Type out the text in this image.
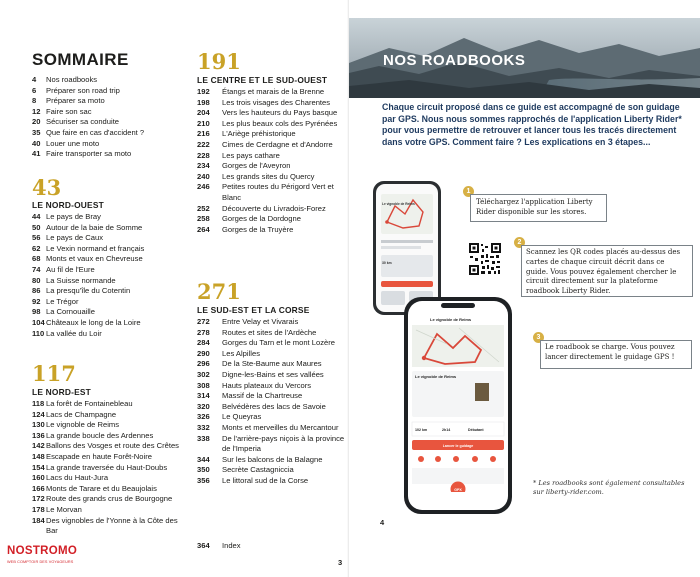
SOMMAIRE
4	Nos roadbooks
6	Préparer son road trip
8	Préparer sa moto
12 Faire son sac
20 Sécuriser sa conduite
35 Que faire en cas d'accident ?
40 Louer une moto
41 Faire transporter sa moto

43

LE NORD-OUEST

44 Le pays de Bray
50 Autour de la baie de Somme
56 Le pays de Caux
62 Le Vexin normand et français
68 Monts et vaux en Chevreuse
74 Au fil de l'Eure
80 La Suisse normande
86 La presqu'île du Cotentin
92 Le Trégor
98 La Cornouaille
104 Châteaux le long de la Loire
110 La vallée du Loir

117

LE NORD-EST

118 La forêt de Fontainebleau
124 Lacs de Champagne
130 Le vignoble de Reims
136 La grande boucle des Ardennes
142 Ballons des Vosges et route des Crêtes
148 Escapade en haute Forêt-Noire
154 La grande traversée du Haut-Doubs
160 Lacs du Haut-Jura
166 Monts de Tarare et du Beaujolais
172 Route des grands crus de Bourgogne
178 Le Morvan
184 Des vignobles de l'Yonne à la Côte des Bar

191

LE CENTRE ET LE SUD-OUEST

192	Étangs et marais de la Brenne
198	Les trois visages des Charentes
204	Vers les hauteurs du Pays basque
210	Les plus beaux cols des Pyrénées
216	L'Ariège préhistorique
222	Cimes de Cerdagne et d'Andorre
228	Les pays cathare
234	Gorges de l'Aveyron
240	Les grands sites du Quercy
246	Petites routes du Périgord Vert et Blanc
252	Découverte du Livradois-Forez
258	Gorges de la Dordogne
264	Gorges de la Truyère

271

LE SUD-EST ET LA CORSE

272	Entre Velay et Vivarais
278	Routes et sites de l'Ardèche
284	Gorges du Tarn et le mont Lozère
290	Les Alpilles
296	De la Ste-Baume aux Maures
302	Digne-les-Bains et ses vallées
308	Hauts plateaux du Vercors
314	Massif de la Chartreuse
320	Belvédères des lacs de Savoie
326	Le Queyras
332	Monts et merveilles du Mercantour
338	De l'arrière-pays niçois à la province de l'Imperia
344	Sur les balcons de la Balagne
350	Secrète Castagniccia
356	Le littoral sud de la Corse
364	Index

3

NOSTROMO
WEB COMPTOIR DES VOYAGEURS
NOS ROADBOOKS

Chaque circuit proposé dans ce guide est accompagné de son guidage par GPS. Nous nous sommes rapprochés de l'application Liberty Rider* pour vous permettre de retrouver et lancer tous les tracés directement dans votre GPS. Comment faire ? Les explications en 3 étapes...

Le vignoble de Reims
30 km
Le vignoble de Reims
Le vignoble de Reims
102 km	2h14	Débutant
Lancer le guidage
GPX
1

Téléchargez l'application Liberty Rider disponible sur les stores.

2

Scannez les QR codes placés au-dessus des cartes de chaque circuit décrit dans ce guide. Vous pouvez également chercher le circuit directement sur la plateforme roadbook Liberty Rider.

3

Le roadbook se charge. Vous pouvez lancer directement le guidage GPS !

* Les roadbooks sont également consultables sur liberty-rider.com.

4
